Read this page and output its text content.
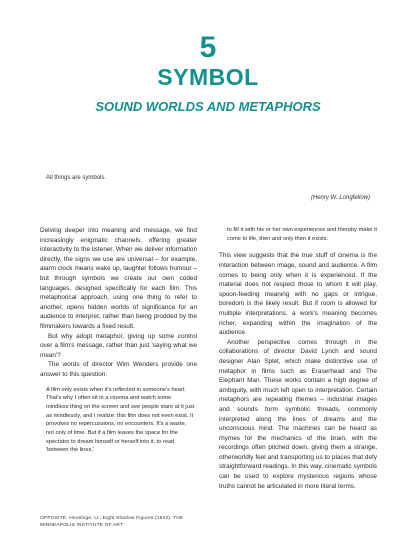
5
SYMBOL
SOUND WORLDS AND METAPHORS
All things are symbols.
(Henry W. Longfellow)

Delving deeper into meaning and message, we find increasingly enigmatic channels, offering greater interactivity to the listener. When we deliver information directly, the signs we use are universal – for example, alarm clock means wake up, laughter follows humour – but through symbols we create our own coded languages, designed specifically for each film. This metaphorical approach, using one thing to refer to another, opens hidden worlds of significance for an audience to interpret, rather than being prodded by the filmmakers towards a fixed result.

But why adopt metaphor, giving up some control over a film's message, rather than just 'saying what we mean'?

The words of director Wim Wenders provide one answer to this question:

A film only exists when it's reflected in someone's heart. That's why I often sit in a cinema and watch some mindless thing on the screen and see people stare at it just as mindlessly, and I realize: this film does not even exist. It provokes no repercussions, no encounters. It's a waste, not only of time. But if a film leaves the space for the spectator to dream himself or herself into it, to read 'between the lines,'

to fill it with his or her own experiences and thereby make it come to life, then and only then it exists.

This view suggests that the true stuff of cinema is the interaction between image, sound and audience. A film comes to being only when it is experienced. If the material does not respect those to whom it will play, spoon-feeding meaning with no gaps or intrigue, boredom is the likely result. But if room is allowed for multiple interpretations, a work's meaning becomes richer, expanding within the imagination of the audience.

Another perspective comes through in the collaborations of director David Lynch and sound designer Alan Splet, which make distinctive use of metaphor in films such as Eraserhead and The Elephant Man. These works contain a high degree of ambiguity, with much left open to interpretation. Certain metaphors are repeating themes – industrial images and sounds form symbolic threads, commonly interpreted along the lines of dreams and the unconscious mind. The machines can be heard as rhymes for the mechanics of the brain, with the recordings often pitched down, giving them a strange, otherworldly feel and transporting us to places that defy straightforward readings. In this way, cinematic symbols can be used to explore mysterious regions whose truths cannot be articulated in more literal terms.

OPPOSITE: Hiroshige, U., Eight Shadow Figures (1842). THE MINNEAPOLIS INSTITUTE OF ART
